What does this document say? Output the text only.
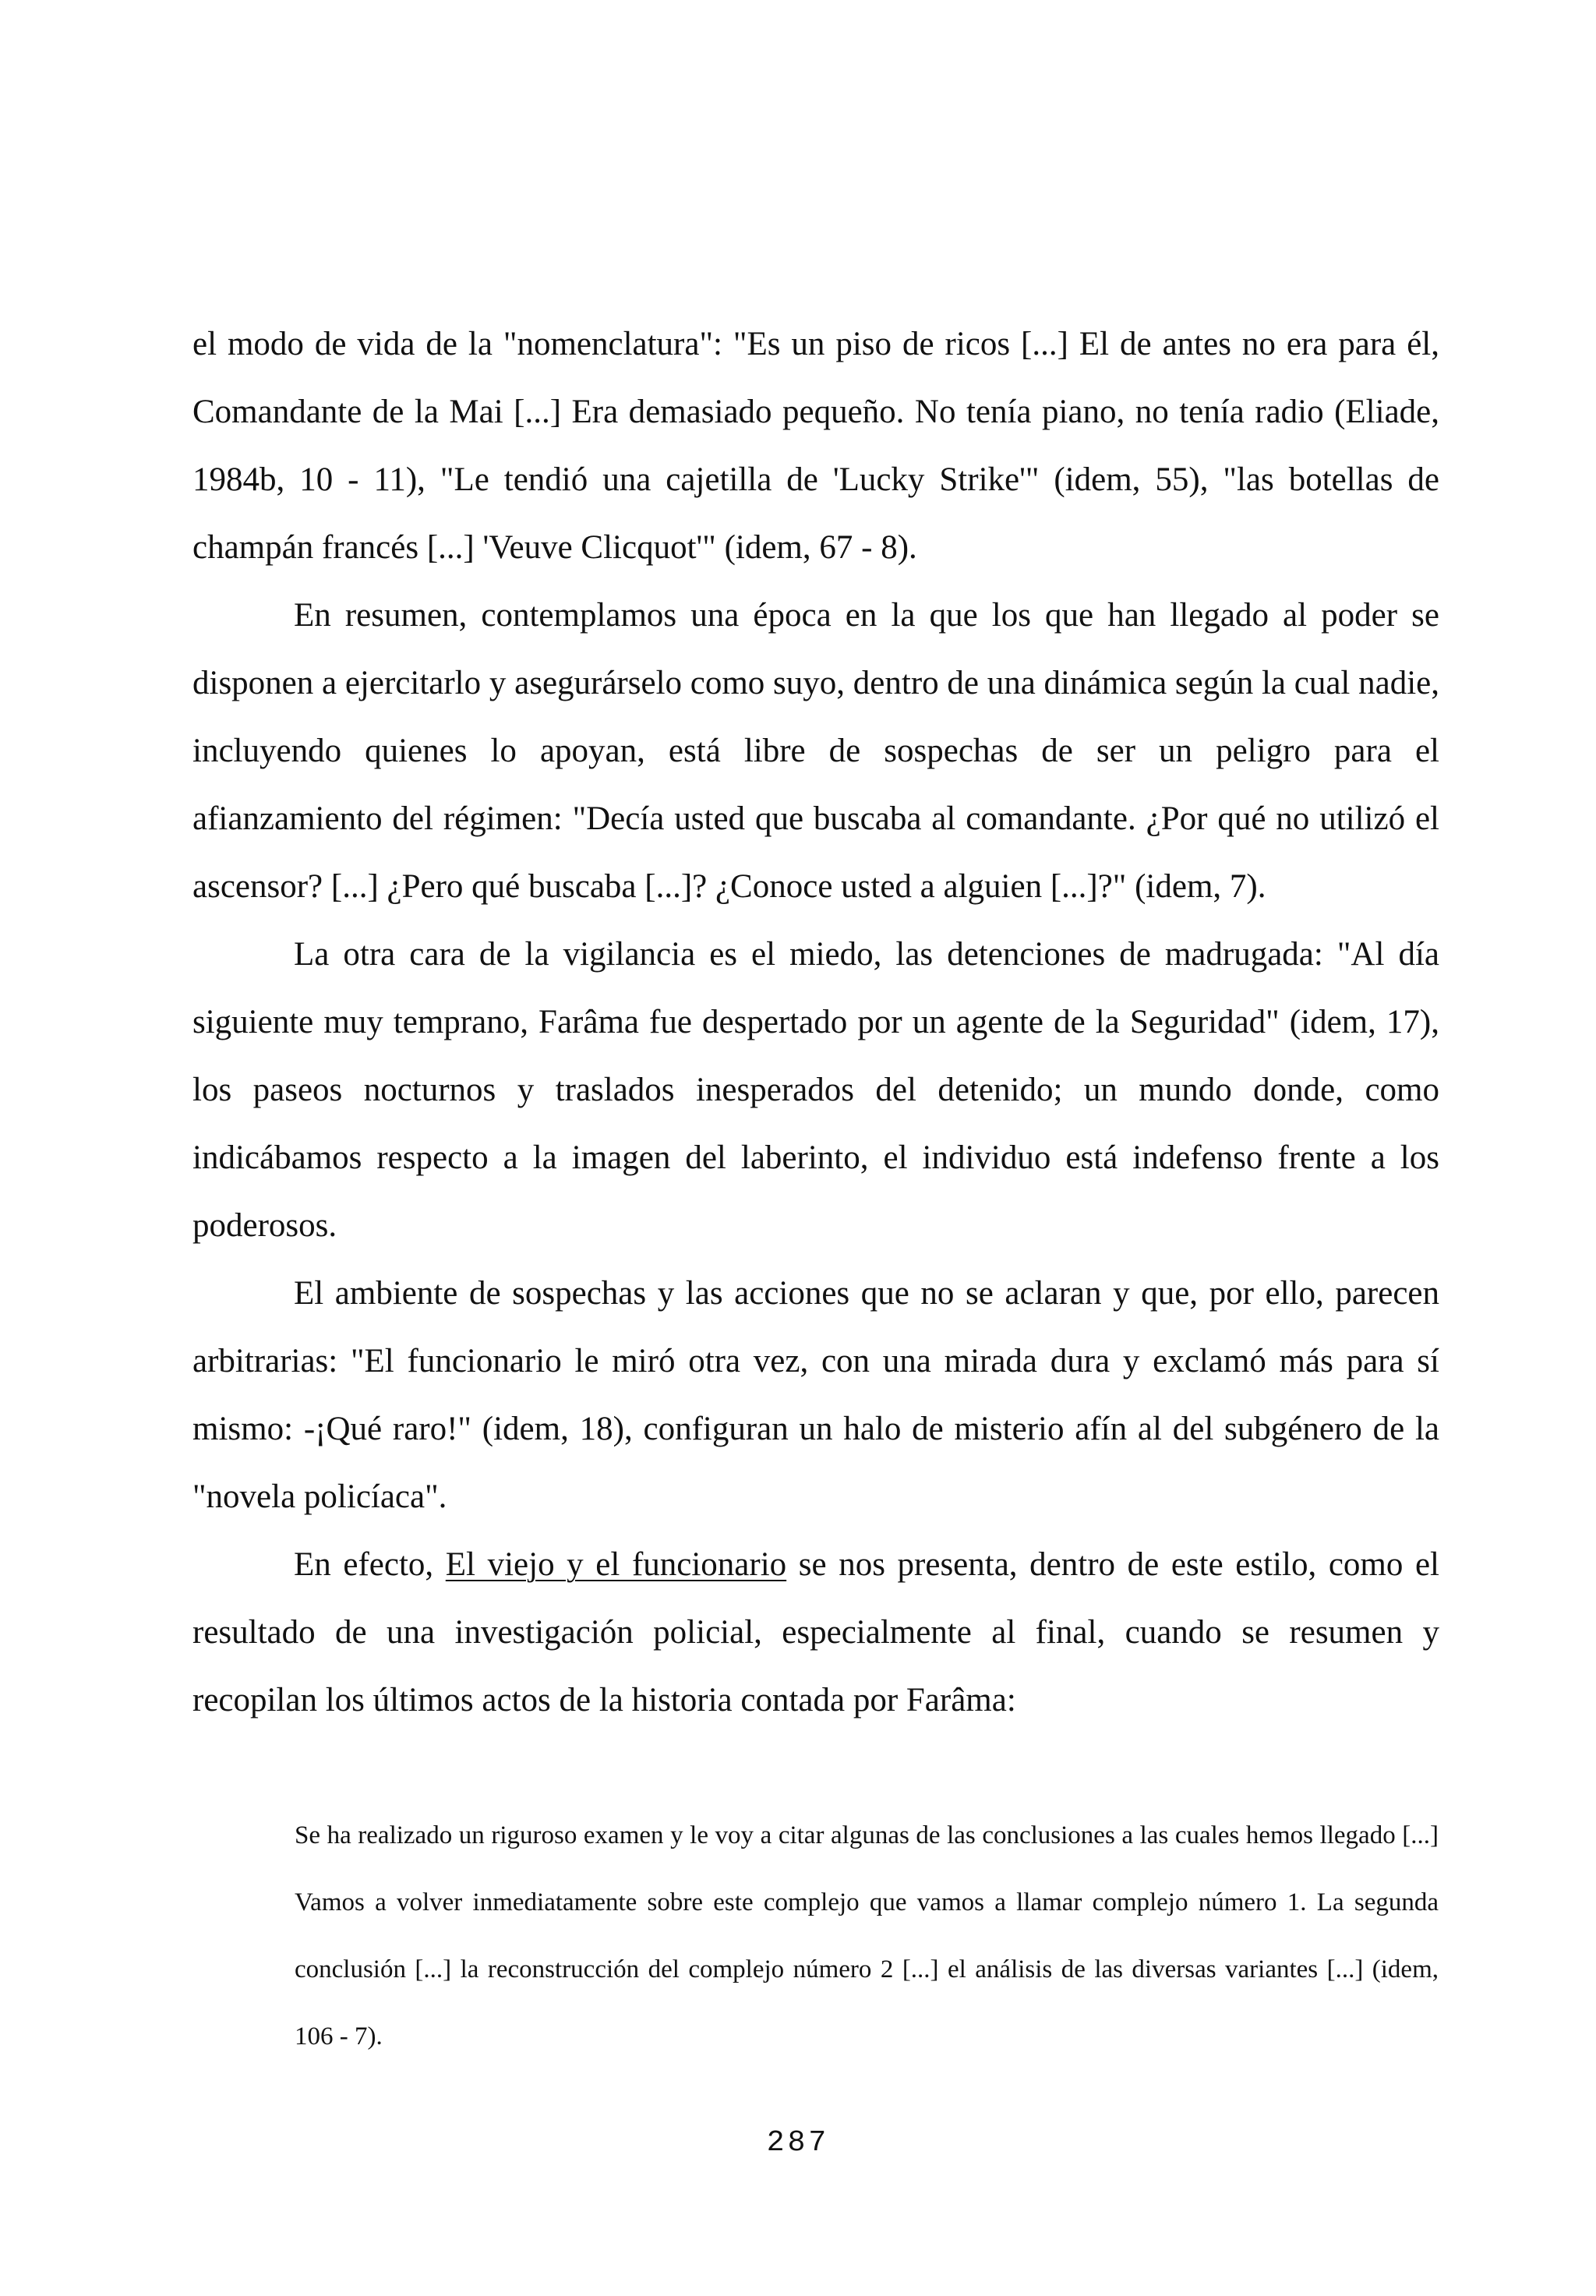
el modo de vida de la "nomenclatura": "Es un piso de ricos [...] El de antes no era para él, Comandante de la Mai [...] Era demasiado pequeño. No tenía piano, no tenía radio (Eliade, 1984b, 10 - 11), "Le tendió una cajetilla de 'Lucky Strike'" (idem, 55), "las botellas de champán francés [...] 'Veuve Clicquot'" (idem, 67 - 8).

En resumen, contemplamos una época en la que los que han llegado al poder se disponen a ejercitarlo y asegurárselo como suyo, dentro de una dinámica según la cual nadie, incluyendo quienes lo apoyan, está libre de sospechas de ser un peligro para el afianzamiento del régimen: "Decía usted que buscaba al comandante. ¿Por qué no utilizó el ascensor? [...] ¿Pero qué buscaba [...]? ¿Conoce usted a alguien [...]?" (idem, 7).

La otra cara de la vigilancia es el miedo, las detenciones de madrugada: "Al día siguiente muy temprano, Farâma fue despertado por un agente de la Seguridad" (idem, 17), los paseos nocturnos y traslados inesperados del detenido; un mundo donde, como indicábamos respecto a la imagen del laberinto, el individuo está indefenso frente a los poderosos.

El ambiente de sospechas y las acciones que no se aclaran y que, por ello, parecen arbitrarias: "El funcionario le miró otra vez, con una mirada dura y exclamó más para sí mismo: -¡Qué raro!" (idem, 18), configuran un halo de misterio afín al del subgénero de la "novela policíaca".

En efecto, El viejo y el funcionario se nos presenta, dentro de este estilo, como el resultado de una investigación policial, especialmente al final, cuando se resumen y recopilan los últimos actos de la historia contada por Farâma:

Se ha realizado un riguroso examen y le voy a citar algunas de las conclusiones a las cuales hemos llegado [...] Vamos a volver inmediatamente sobre este complejo que vamos a llamar complejo número 1. La segunda conclusión [...] la reconstrucción del complejo número 2 [...] el análisis de las diversas variantes [...] (idem, 106 - 7).

287
